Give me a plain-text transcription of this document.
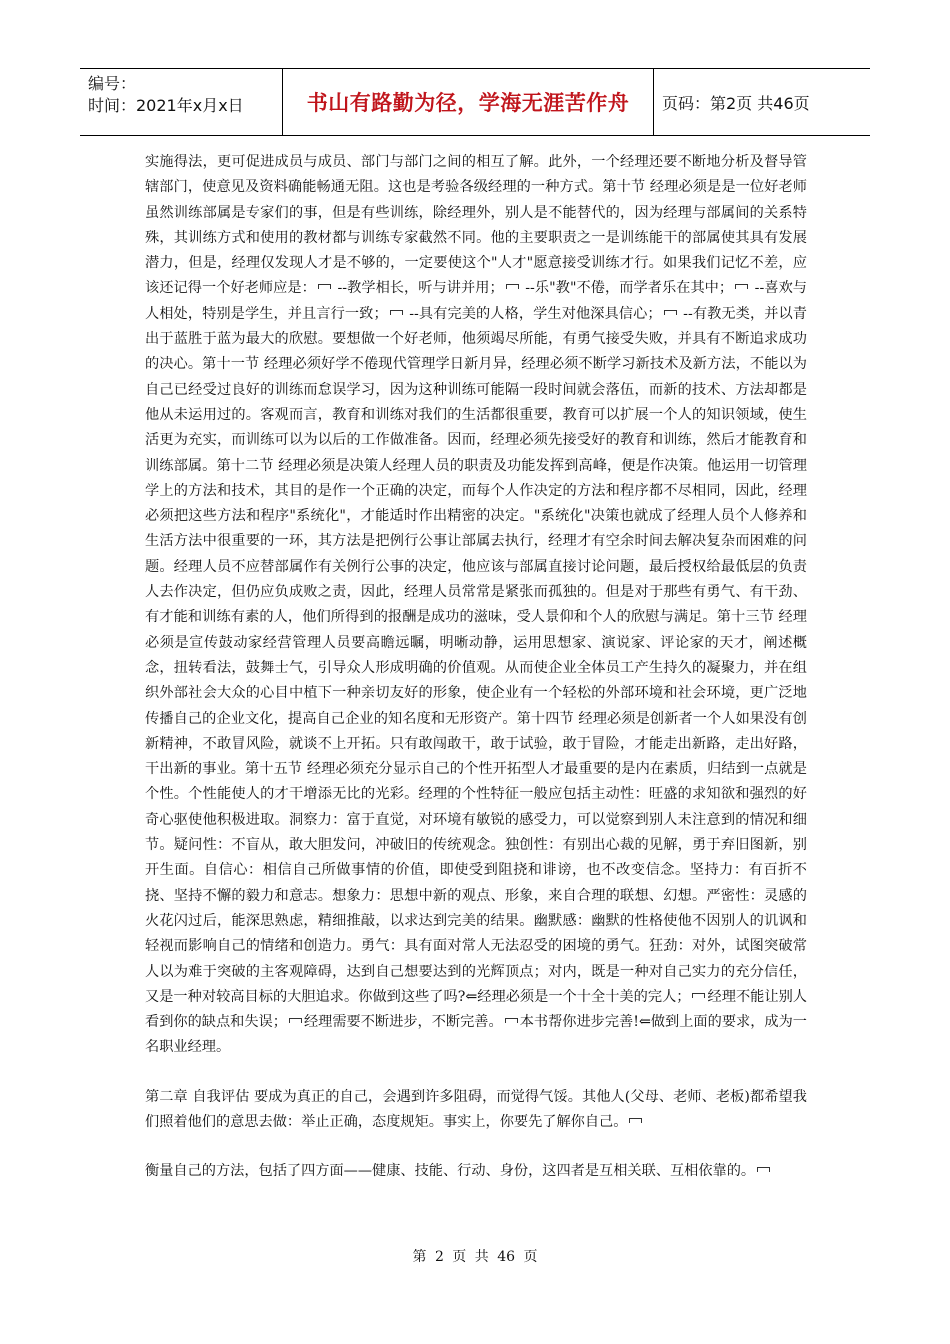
编号：
时间：2021年x月x日	书山有路勤为径，学海无涯苦作舟 页码：第2页 共46页

实施得法，更可促进成员与成员、部门与部门之间的相互了解。此外，一个经理还要不断地分析及督导管辖部门，使意见及资料确能畅通无阻。这也是考验各级经理的一种方式。第十节 经理必须是是一位好老师虽然训练部属是专家们的事，但是有些训练，除经理外，别人是不能替代的，因为经理与部属间的关系特殊，其训练方式和使用的教材都与训练专家截然不同。他的主要职责之一是训练能干的部属使其具有发展潜力，但是，经理仅发现人才是不够的，一定要使这个"人才"愿意接受训练才行。如果我们记忆不差，应该还记得一个好老师应是： --教学相长，听与讲并用； --乐"教"不倦，而学者乐在其中； --喜欢与人相处，特别是学生，并且言行一致； --具有完美的人格，学生对他深具信心； --有教无类，并以青出于蓝胜于蓝为最大的欣慰。要想做一个好老师，他须竭尽所能，有勇气接受失败，并具有不断追求成功的决心。第十一节 经理必须好学不倦现代管理学日新月异，经理必须不断学习新技术及新方法，不能以为自己已经受过良好的训练而怠误学习，因为这种训练可能隔一段时间就会落伍，而新的技术、方法却都是他从未运用过的。客观而言，教育和训练对我们的生活都很重要，教育可以扩展一个人的知识领域，使生活更为充实，而训练可以为以后的工作做准备。因而，经理必须先接受好的教育和训练，然后才能教育和训练部属。第十二节 经理必须是决策人经理人员的职责及功能发挥到高峰，便是作决策。他运用一切管理学上的方法和技术，其目的是作一个正确的决定，而每个人作决定的方法和程序都不尽相同，因此，经理必须把这些方法和程序"系统化"，才能适时作出精密的决定。"系统化"决策也就成了经理人员个人修养和生活方法中很重要的一环，其方法是把例行公事让部属去执行，经理才有空余时间去解决复杂而困难的问题。经理人员不应替部属作有关例行公事的决定，他应该与部属直接讨论问题，最后授权给最低层的负责人去作决定，但仍应负成败之责，因此，经理人员常常是紧张而孤独的。但是对于那些有勇气、有干劲、有才能和训练有素的人，他们所得到的报酬是成功的滋味，受人景仰和个人的欣慰与满足。第十三节 经理必须是宣传鼓动家经营管理人员要高瞻远瞩，明晰动静，运用思想家、演说家、评论家的天才，阐述概念，扭转看法，鼓舞士气，引导众人形成明确的价值观。从而使企业全体员工产生持久的凝聚力，并在组织外部社会大众的心目中植下一种亲切友好的形象，使企业有一个轻松的外部环境和社会环境，更广泛地传播自己的企业文化，提高自己企业的知名度和无形资产。第十四节 经理必须是创新者一个人如果没有创新精神，不敢冒风险，就谈不上开拓。只有敢闯敢干，敢于试验，敢于冒险，才能走出新路，走出好路，干出新的事业。第十五节 经理必须充分显示自己的个性开拓型人才最重要的是内在素质，归结到一点就是个性。个性能使人的才干增添无比的光彩。经理的个性特征一般应包括主动性：旺盛的求知欲和强烈的好奇心驱使他积极进取。洞察力：富于直觉，对环境有敏锐的感受力，可以觉察到别人未注意到的情况和细节。疑问性：不盲从，敢大胆发问，冲破旧的传统观念。独创性：有别出心裁的见解，勇于弃旧图新，别开生面。自信心：相信自己所做事情的价值，即使受到阻挠和诽谤，也不改变信念。坚持力：有百折不挠、坚持不懈的毅力和意志。想象力：思想中新的观点、形象，来自合理的联想、幻想。严密性：灵感的火花闪过后，能深思熟虑，精细推敲，以求达到完美的结果。幽默感：幽默的性格使他不因别人的讥讽和轻视而影响自己的情绪和创造力。勇气：具有面对常人无法忍受的困境的勇气。狂劲：对外，试图突破常人以为难于突破的主客观障碍，达到自己想要达到的光辉顶点；对内，既是一种对自己实力的充分信任，又是一种对较高目标的大胆追求。你做到这些了吗?⇐经理必须是一个十全十美的完人； 经理不能让别人看到你的缺点和失误； 经理需要不断进步，不断完善。 本书帮你进步完善!⇐做到上面的要求，成为一名职业经理。

第二章 自我评估 要成为真正的自己，会遇到许多阻碍，而觉得气馁。其他人(父母、老师、老板)都希望我们照着他们的意思去做：举止正确，态度规矩。事实上，你要先了解你自己。

衡量自己的方法，包括了四方面——健康、技能、行动、身份，这四者是互相关联、互相依靠的。

第 2 页 共 46 页
